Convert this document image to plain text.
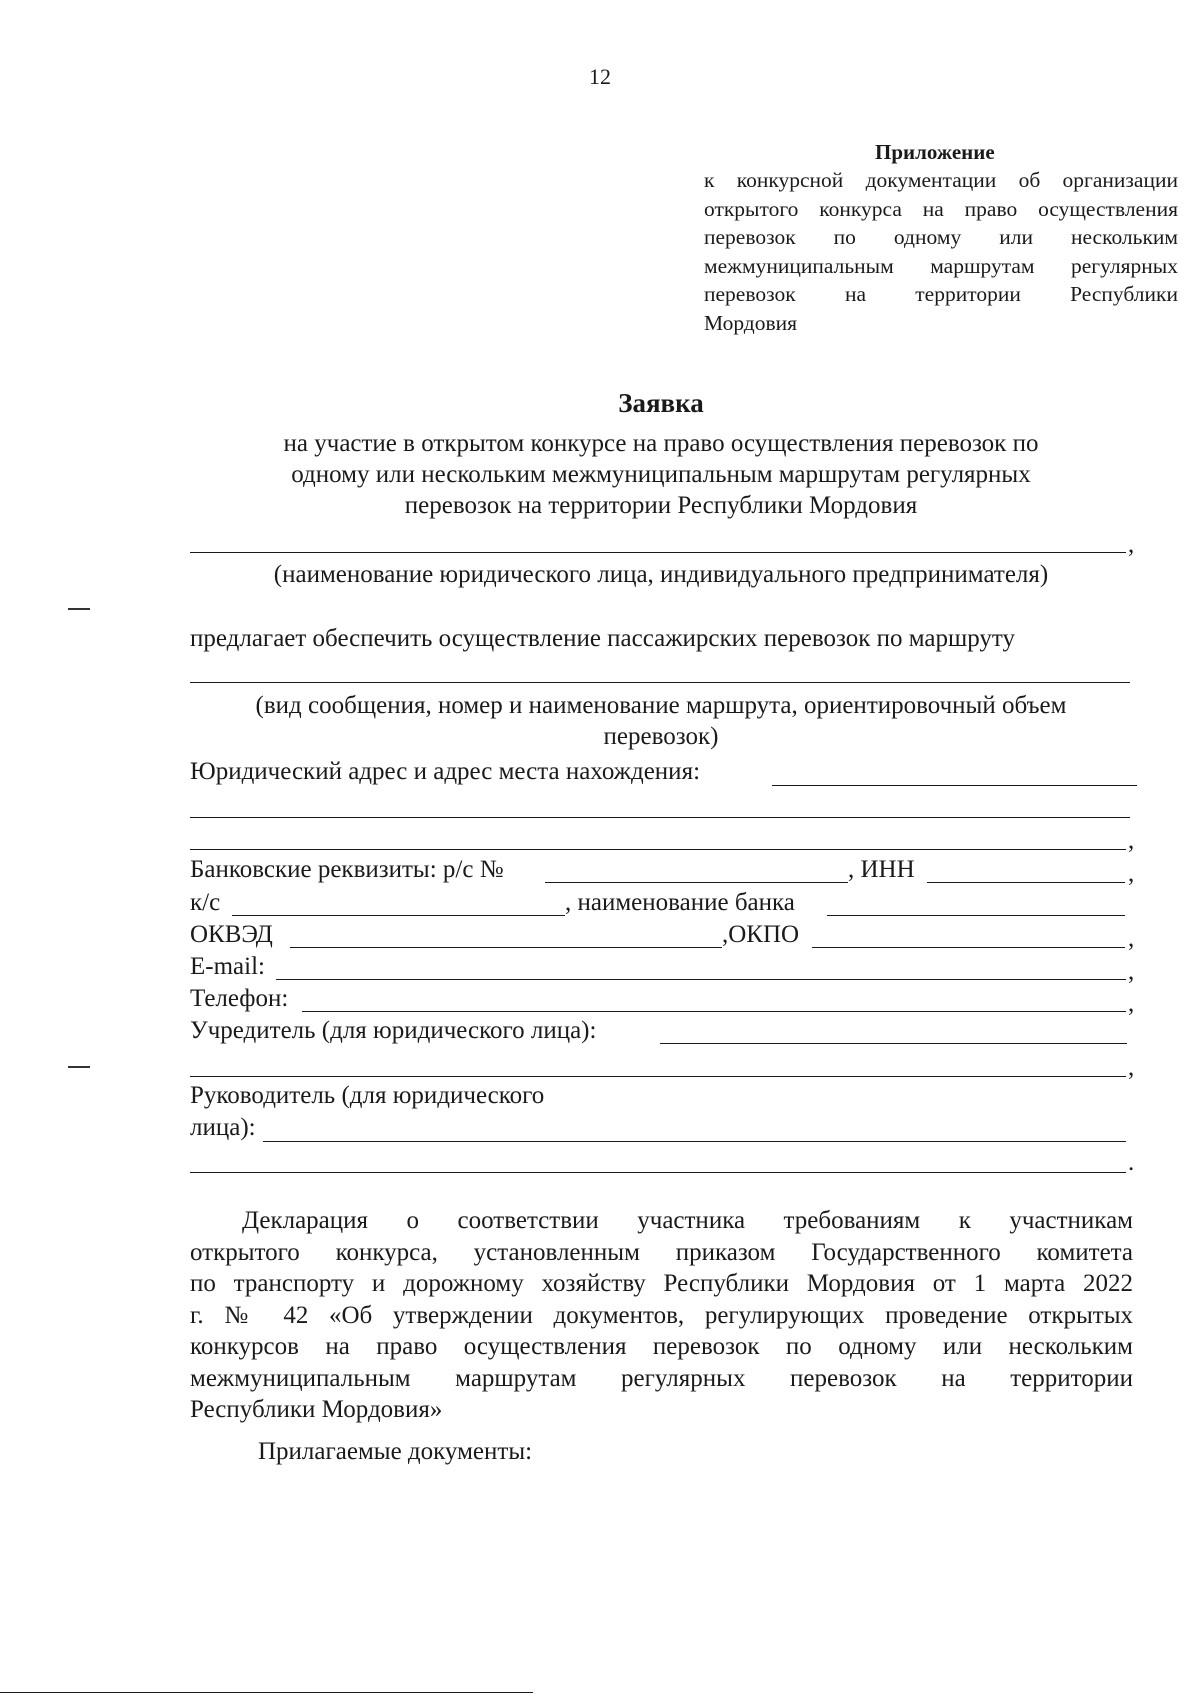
12
Приложение
к конкурсной документации об организации
открытого конкурса на право осуществления
перевозок по одному или нескольким
межмуниципальным маршрутам регулярных
перевозок на территории Республики
Мордовия
Заявка
на участие в открытом конкурсе на право осуществления перевозок по
одному или нескольким межмуниципальным маршрутам регулярных
перевозок на территории Республики Мордовия
,
(наименование юридического лица, индивидуального предпринимателя)
предлагает обеспечить осуществление пассажирских перевозок по маршруту
(вид сообщения, номер и наименование маршрута, ориентировочный объем
перевозок)
Юридический адрес и адрес места нахождения:
,
Банковские реквизиты: р/с №	, ИНН	,
к/с	, наименование банка
ОКВЭД	,ОКПО	,
E-mail:	,
Телефон:	,
Учредитель (для юридического лица):
,
Руководитель (для юридического
лица):
.
Декларация о соответствии участника требованиям к участникам
открытого конкурса, установленным приказом Государственного комитета
по транспорту и дорожному хозяйству Республики Мордовия от 1 марта 2022
г. № 42 «Об утверждении документов, регулирующих проведение открытых
конкурсов на право осуществления перевозок по одному или нескольким
межмуниципальным маршрутам регулярных перевозок на территории
Республики Мордовия»
Прилагаемые документы:
